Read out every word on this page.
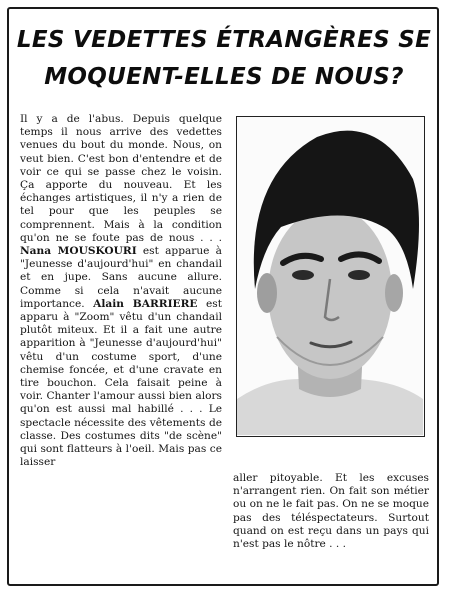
LES VEDETTES ÉTRANGÈRES SE
MOQUENT-ELLES DE NOUS?

Il y a de l'abus. Depuis quelque temps il nous arrive des vedettes venues du bout du monde. Nous, on veut bien. C'est bon d'entendre et de voir ce qui se passe chez le voisin. Ça apporte du nouveau. Et les échanges artistiques, il n'y a rien de tel pour que les peuples se comprennent. Mais à la condition qu'on ne se foute pas de nous . . . Nana MOUSKOURI est apparue à "Jeunesse d'aujourd'hui" en chandail et en jupe. Sans aucune allure. Comme si cela n'avait aucune importance. Alain BARRIERE est apparu à "Zoom" vêtu d'un chandail plutôt miteux. Et il a fait une autre apparition à "Jeunesse d'aujourd'hui" vêtu d'un costume sport, d'une chemise foncée, et d'une cravate en tire bouchon. Cela faisait peine à voir. Chanter l'amour aussi bien alors qu'on est aussi mal habillé . . . Le spectacle nécessite des vêtements de classe. Des costumes dits "de scène" qui sont flatteurs à l'oeil. Mais pas ce laisser

aller pitoyable. Et les excuses n'arrangent rien. On fait son métier ou on ne le fait pas. On ne se moque pas des téléspectateurs. Surtout quand on est reçu dans un pays qui n'est pas le nôtre . . .
